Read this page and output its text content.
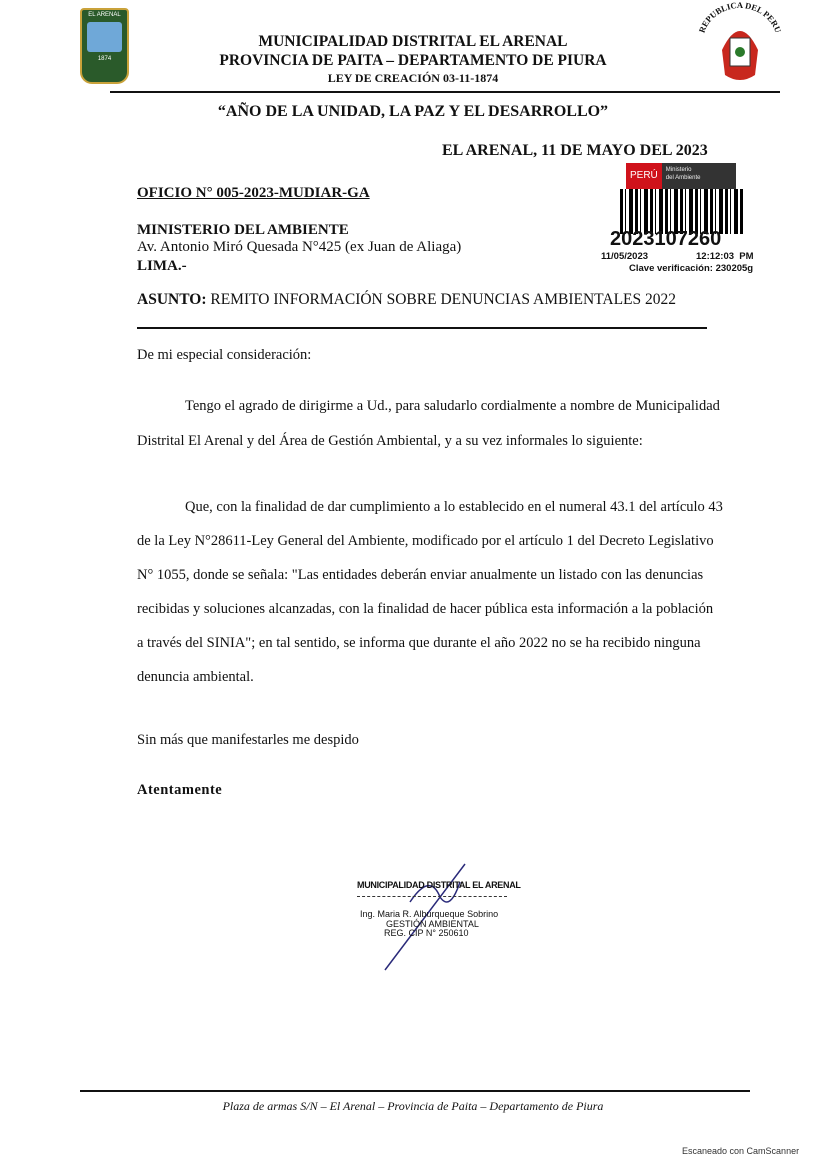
EL ARENAL
1874
REPUBLICA DEL PERU
MUNICIPALIDAD DISTRITAL EL ARENAL
PROVINCIA DE PAITA – DEPARTAMENTO DE PIURA
LEY DE CREACIÓN 03-11-1874
“AÑO DE LA UNIDAD, LA PAZ Y EL DESARROLLO”
EL ARENAL, 11 DE MAYO DEL 2023
OFICIO N° 005-2023-MUDIAR-GA
MINISTERIO DEL AMBIENTE
Av. Antonio Miró Quesada N°425 (ex Juan de Aliaga)
LIMA.-
PERÚ	Ministerio
del Ambiente
2023107260
11/05/2023	12:12:03  PM
Clave verificación: 230205g
ASUNTO: REMITO INFORMACIÓN SOBRE DENUNCIAS AMBIENTALES 2022
De mi especial consideración:
Tengo el agrado de dirigirme a Ud., para saludarlo cordialmente a nombre de Municipalidad
Distrital El Arenal y del Área de Gestión Ambiental, y a su vez informales lo siguiente:
Que, con la finalidad de dar cumplimiento a lo establecido en el numeral 43.1 del artículo 43
de la Ley N°28611-Ley General del Ambiente, modificado por el artículo 1 del Decreto Legislativo
N° 1055, donde se señala: "Las entidades deberán enviar anualmente un listado con las denuncias
recibidas y soluciones alcanzadas, con la finalidad de hacer pública esta información a la población
a través del SINIA"; en tal sentido, se informa que durante el año 2022 no se ha recibido ninguna
denuncia ambiental.
Sin más que manifestarles me despido
Atentamente
MUNICIPALIDAD DISTRITAL EL ARENAL
Ing. Maria R. Alburqueque Sobrino
GESTIÓN AMBIENTAL
REG. CIP N° 250610
Plaza de armas S/N – El Arenal – Provincia de Paita – Departamento de Piura
Escaneado con CamScanner
